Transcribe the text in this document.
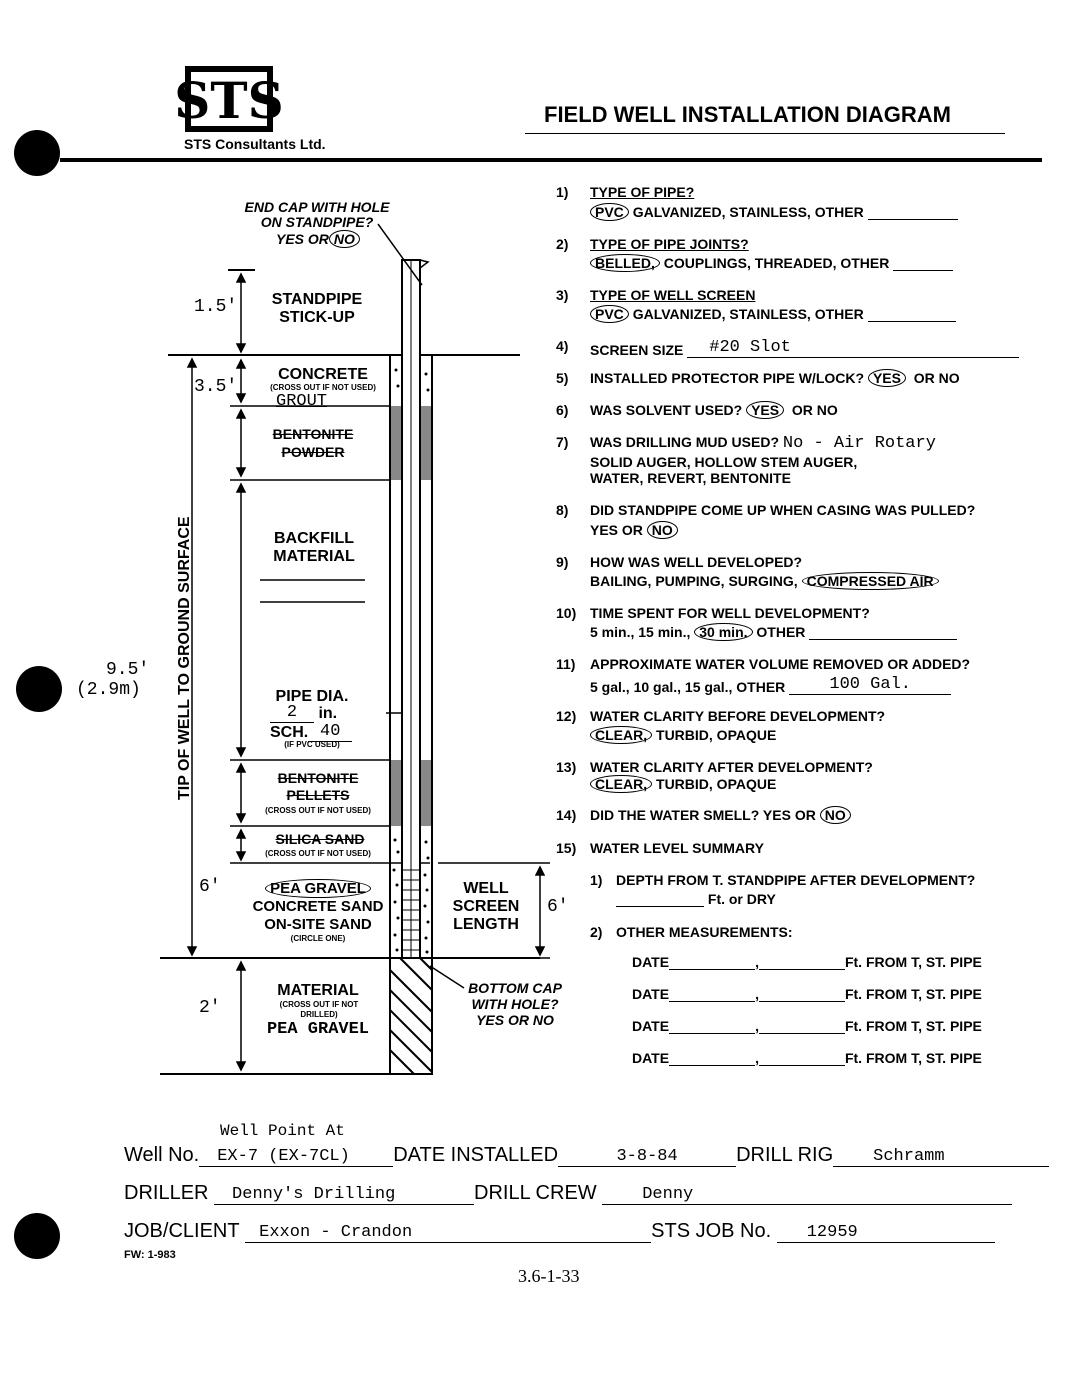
STS
STS Consultants Ltd.
FIELD WELL INSTALLATION DIAGRAM
END CAP WITH HOLE ON STANDPIPE?
YES OR NO
1.5'	STANDPIPE STICK-UP
3.5'
CONCRETE
(CROSS OUT IF NOT USED)
GROUT
BENTONITE
POWDER
BACKFILL MATERIAL
PIPE DIA.
2 in.
SCH. 40
(IF PVC USED)
BENTONITE
PELLETS
(CROSS OUT IF NOT USED)
SILICA SAND
(CROSS OUT IF NOT USED)
6'	PEA GRAVEL
CONCRETE SAND
ON-SITE SAND
(CIRCLE ONE)
WELL SCREEN LENGTH
6'
2'
MATERIAL
(CROSS OUT IF NOT DRILLED)
PEA GRAVEL
BOTTOM CAP WITH HOLE? YES OR NO
TIP OF WELL TO GROUND SURFACE
9.5'
(2.9m)
1)	TYPE OF PIPE?
PVC GALVANIZED, STAINLESS, OTHER
2)	TYPE OF PIPE JOINTS?
BELLED, COUPLINGS, THREADED, OTHER
3)	TYPE OF WELL SCREEN
PVC GALVANIZED, STAINLESS, OTHER
4)	SCREEN SIZE #20 Slot
5)	INSTALLED PROTECTOR PIPE W/LOCK? YES OR NO
6)	WAS SOLVENT USED? YES OR NO
7)	WAS DRILLING MUD USED? No - Air Rotary
SOLID AUGER, HOLLOW STEM AUGER,
WATER, REVERT, BENTONITE
8)	DID STANDPIPE COME UP WHEN CASING WAS PULLED?
YES OR NO
9)	HOW WAS WELL DEVELOPED?
BAILING, PUMPING, SURGING, COMPRESSED AIR
10) TIME SPENT FOR WELL DEVELOPMENT?
5 min., 15 min., 30 min. OTHER
11)	APPROXIMATE WATER VOLUME REMOVED OR ADDED?
5 gal., 10 gal., 15 gal., OTHER	100 Gal.
12) WATER CLARITY BEFORE DEVELOPMENT?
CLEAR, TURBID, OPAQUE
13) WATER CLARITY AFTER DEVELOPMENT?
CLEAR, TURBID, OPAQUE
14) DID THE WATER SMELL? YES OR NO
15) WATER LEVEL SUMMARY
1) DEPTH FROM T. STANDPIPE AFTER DEVELOPMENT?
Ft. or DRY
2) OTHER MEASUREMENTS:
DATE	,	Ft. FROM T, ST. PIPE
DATE	,	Ft. FROM T, ST. PIPE
DATE	,	Ft. FROM T, ST. PIPE
DATE	,	Ft. FROM T, ST. PIPE
Well Point At
Well No. EX-7 (EX-7CL) DATE INSTALLED	3-8-84	DRILL RIG Schramm
DRILLER Denny's Drilling	DRILL CREW	Denny
JOB/CLIENT Exxon - Crandon	STS JOB No. 12959
FW: 1-983
3.6-1-33
